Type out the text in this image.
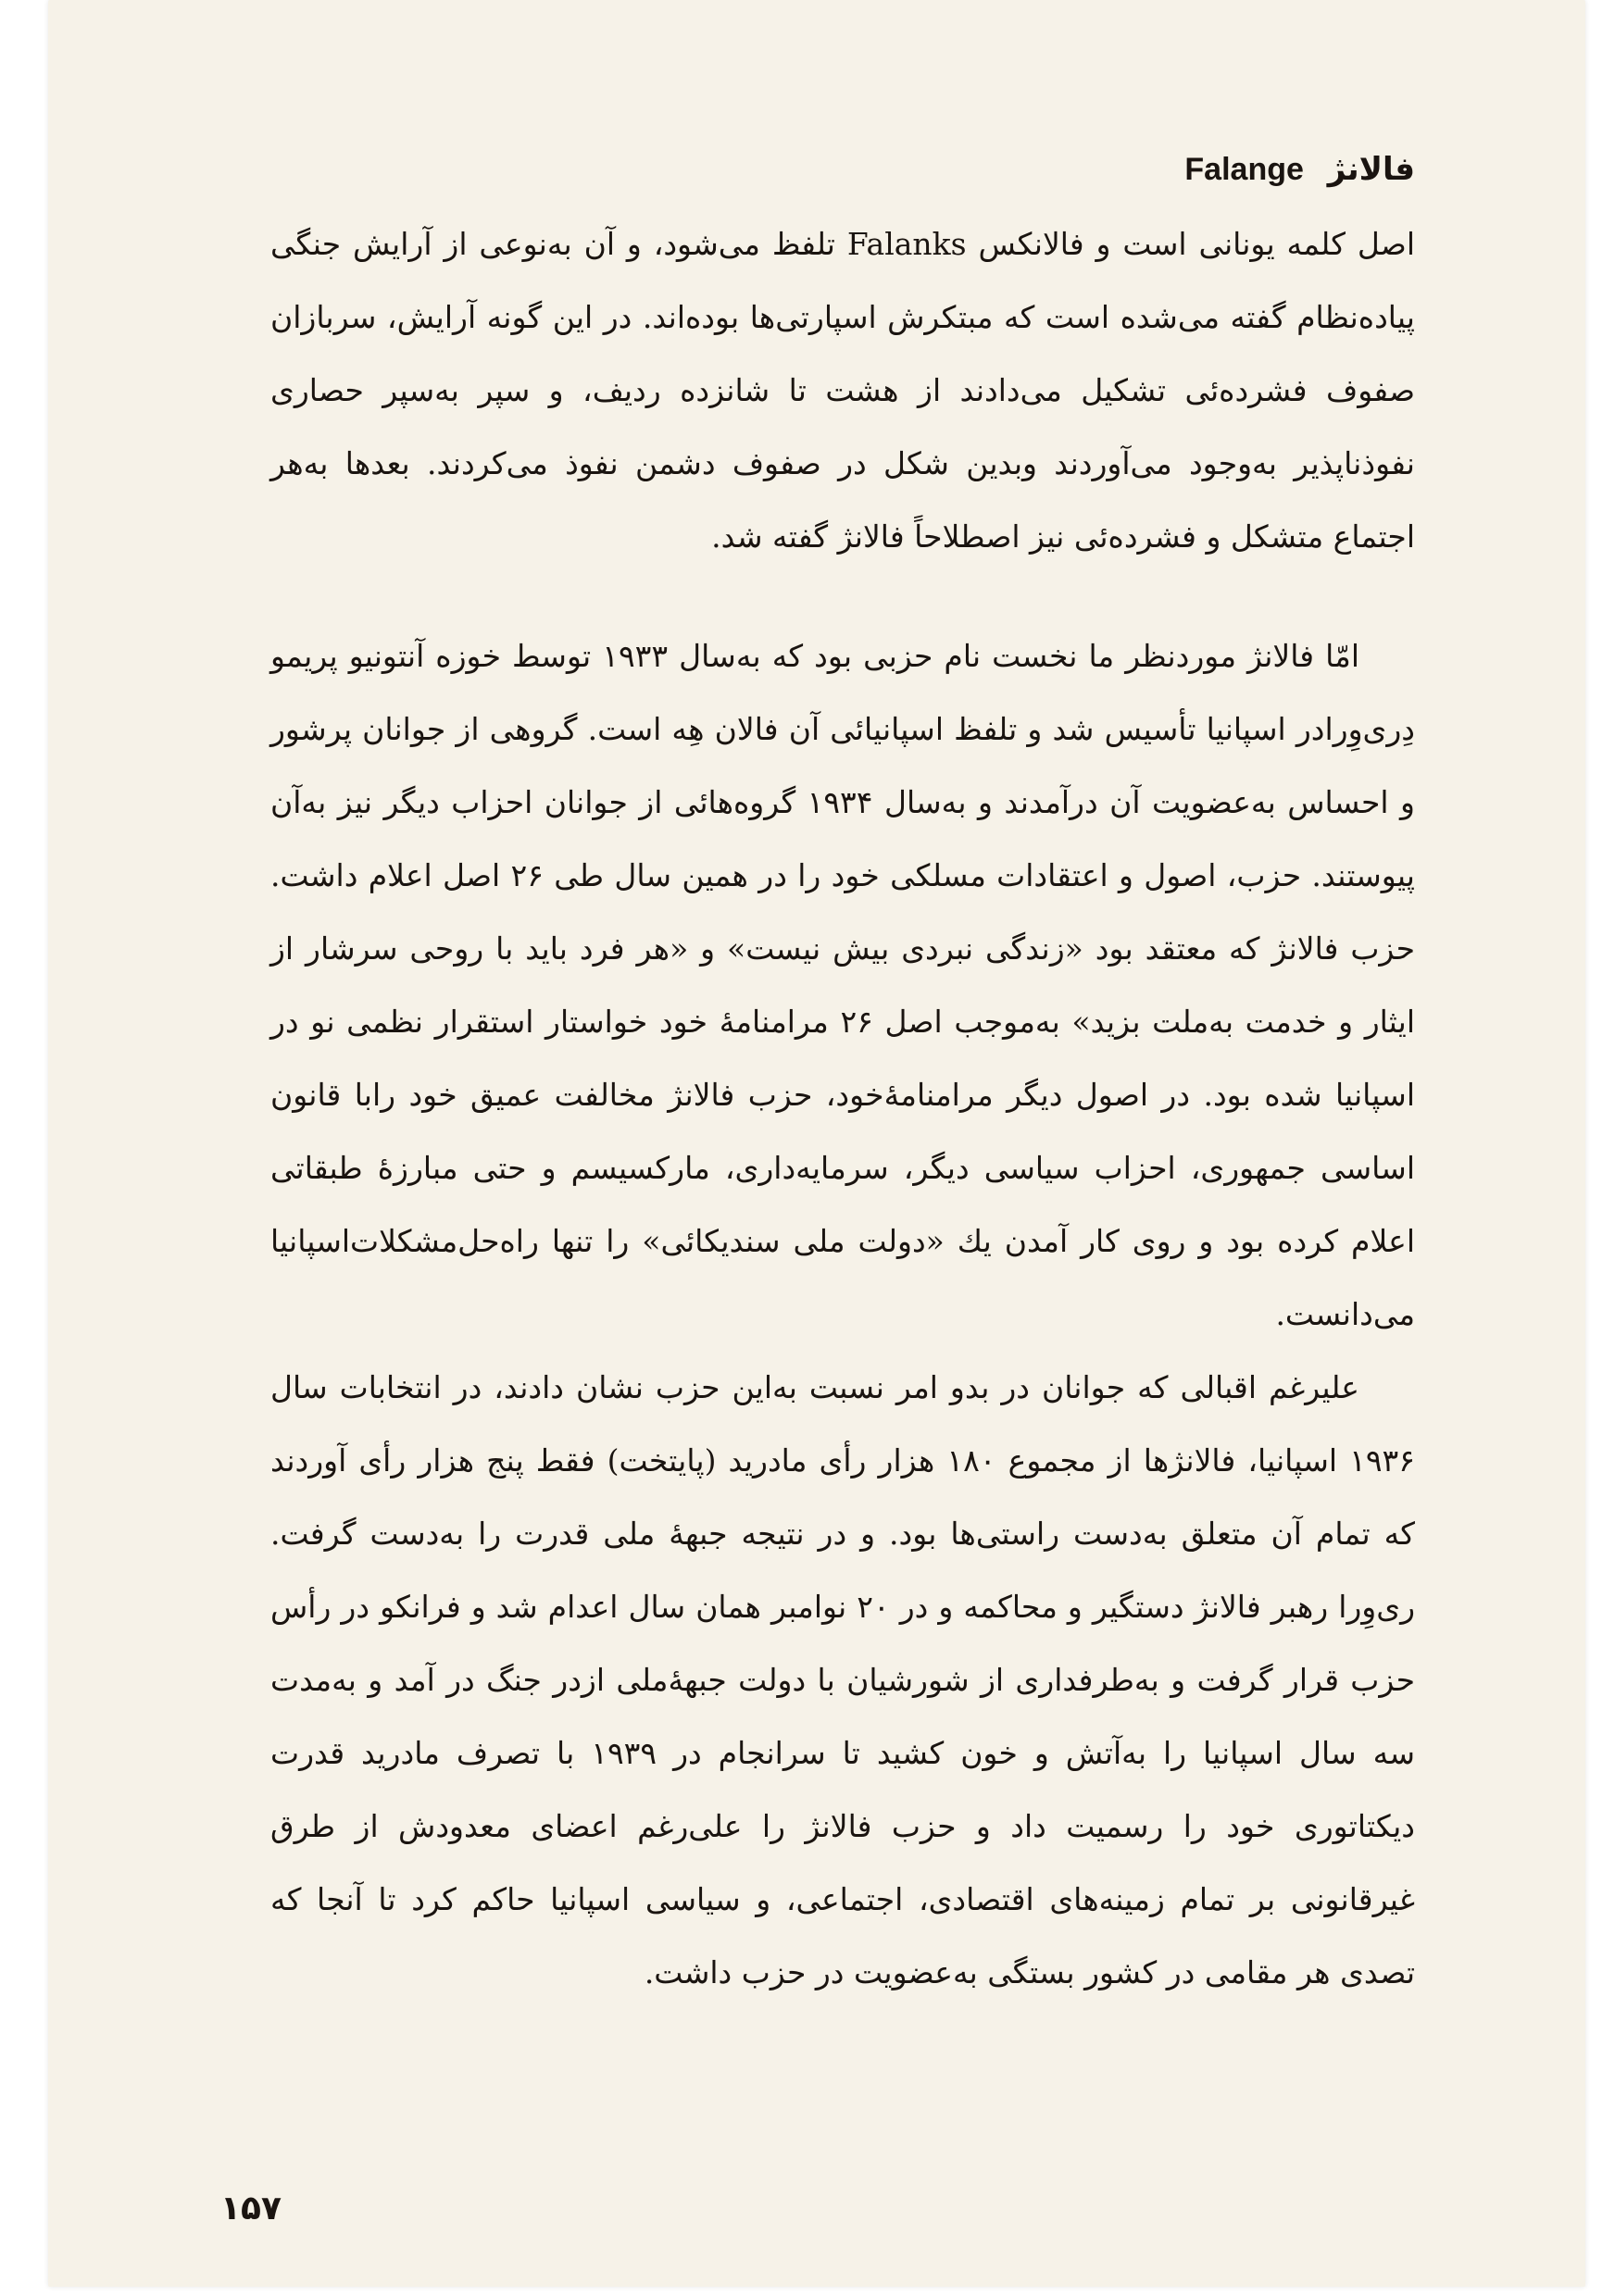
فالانژ Falange

اصل کلمه یونانی است و فالانکس Falanks تلفظ می‌شود، و آن به‌نوعی از آرایش جنگی پیاده‌نظام گفته می‌شده است که مبتکرش اسپارتی‌ها بوده‌اند. در این گونه آرایش، سربازان صفوف فشرده‌ئی تشکیل می‌دادند از هشت تا شانزده ردیف، و سپر به‌سپر حصاری نفوذناپذیر به‌وجود می‌آوردند وبدین شکل در صفوف دشمن نفوذ می‌کردند. بعدها به‌هر اجتماع متشکل و فشرده‌ئی نیز اصطلاحاً فالانژ گفته شد.

امّا فالانژ موردنظر ما نخست نام حزبی بود که به‌سال ۱۹۳۳ توسط خوزه آنتونیو پریمو دِری‌وِرادر اسپانیا تأسیس شد و تلفظ اسپانیائی آن فالان هِه است. گروهی از جوانان پرشور و احساس به‌عضویت آن درآمدند و به‌سال ۱۹۳۴ گروه‌هائی از جوانان احزاب دیگر نیز به‌آن پیوستند. حزب، اصول و اعتقادات مسلکی خود را در همین سال طی ۲۶ اصل اعلام داشت. حزب فالانژ که معتقد بود «زندگی نبردی بیش نیست» و «هر فرد باید با روحی سرشار از ایثار و خدمت به‌ملت بزید» به‌موجب اصل ۲۶ مرامنامهٔ خود خواستار استقرار نظمی نو در اسپانیا شده بود. در اصول دیگر مرامنامهٔ‌خود، حزب فالانژ مخالفت عمیق خود رابا قانون اساسی جمهوری، احزاب سیاسی دیگر، سرمایه‌داری، مارکسیسم و حتی مبارزهٔ طبقاتی اعلام کرده بود و روی کار آمدن یك «دولت ملی سندیکائی» را تنها راه‌حل‌مشکلات‌اسپانیا می‌دانست.

علیرغم اقبالی که جوانان در بدو امر نسبت به‌این حزب نشان دادند، در انتخابات سال ۱۹۳۶ اسپانیا، فالانژها از مجموع ۱۸۰ هزار رأی مادرید (پایتخت) فقط پنج هزار رأی آوردند که تمام آن متعلق به‌دست راستی‌ها بود. و در نتیجه جبههٔ ملی قدرت را به‌دست گرفت. ری‌وِرا رهبر فالانژ دستگیر و محاکمه و در ۲۰ نوامبر همان سال اعدام شد و فرانکو در رأس حزب قرار گرفت و به‌طرفداری از شورشیان با دولت جبههٔ‌ملی ازدر جنگ در آمد و به‌مدت سه سال اسپانیا را به‌آتش و خون کشید تا سرانجام در ۱۹۳۹ با تصرف مادرید قدرت دیکتاتوری خود را رسمیت داد و حزب فالانژ را علی‌رغم اعضای معدودش از طرق غیرقانونی بر تمام زمینه‌های اقتصادی، اجتماعی، و سیاسی اسپانیا حاکم کرد تا آنجا که تصدی هر مقامی در کشور بستگی به‌عضویت در حزب داشت.

۱۵۷
